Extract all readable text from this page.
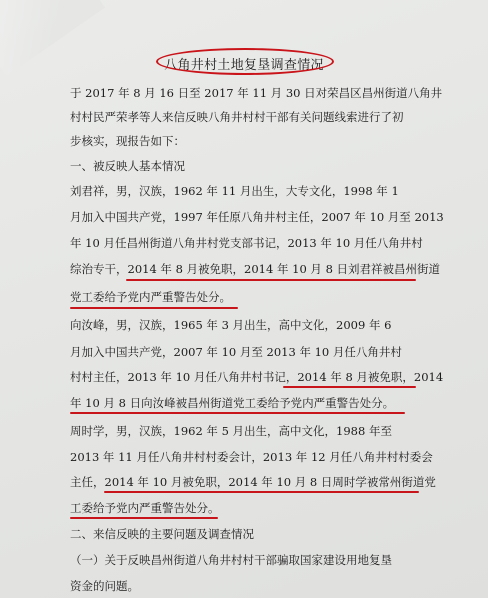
八角井村土地复垦调查情况
于 2017 年 8 月 16 日至 2017 年 11 月 30 日对荣昌区昌州街道八角井
村村民严荣孝等人来信反映八角井村村干部有关问题线索进行了初
步核实，现报告如下：
一、被反映人基本情况
刘君祥，男，汉族，1962 年 11 月出生，大专文化，1998 年 1
月加入中国共产党，1997 年任原八角井村主任，2007 年 10 月至 2013
年 10 月任昌州街道八角井村党支部书记，2013 年 10 月任八角井村
综治专干，2014 年 8 月被免职，2014 年 10 月 8 日刘君祥被昌州街道
党工委给予党内严重警告处分。
向汝峰，男，汉族，1965 年 3 月出生，高中文化，2009 年 6
月加入中国共产党，2007 年 10 月至 2013 年 10 月任八角井村
村村主任，2013 年 10 月任八角井村书记，2014 年 8 月被免职，2014
年 10 月 8 日向汝峰被昌州街道党工委给予党内严重警告处分。
周时学，男，汉族，1962 年 5 月出生，高中文化，1988 年至
2013 年 11 月任八角井村村委会计，2013 年 12 月任八角井村村委会
主任，2014 年 10 月被免职，2014 年 10 月 8 日周时学被常州街道党
工委给予党内严重警告处分。
二、来信反映的主要问题及调查情况
（一）关于反映昌州街道八角井村村干部骗取国家建设用地复垦
资金的问题。
